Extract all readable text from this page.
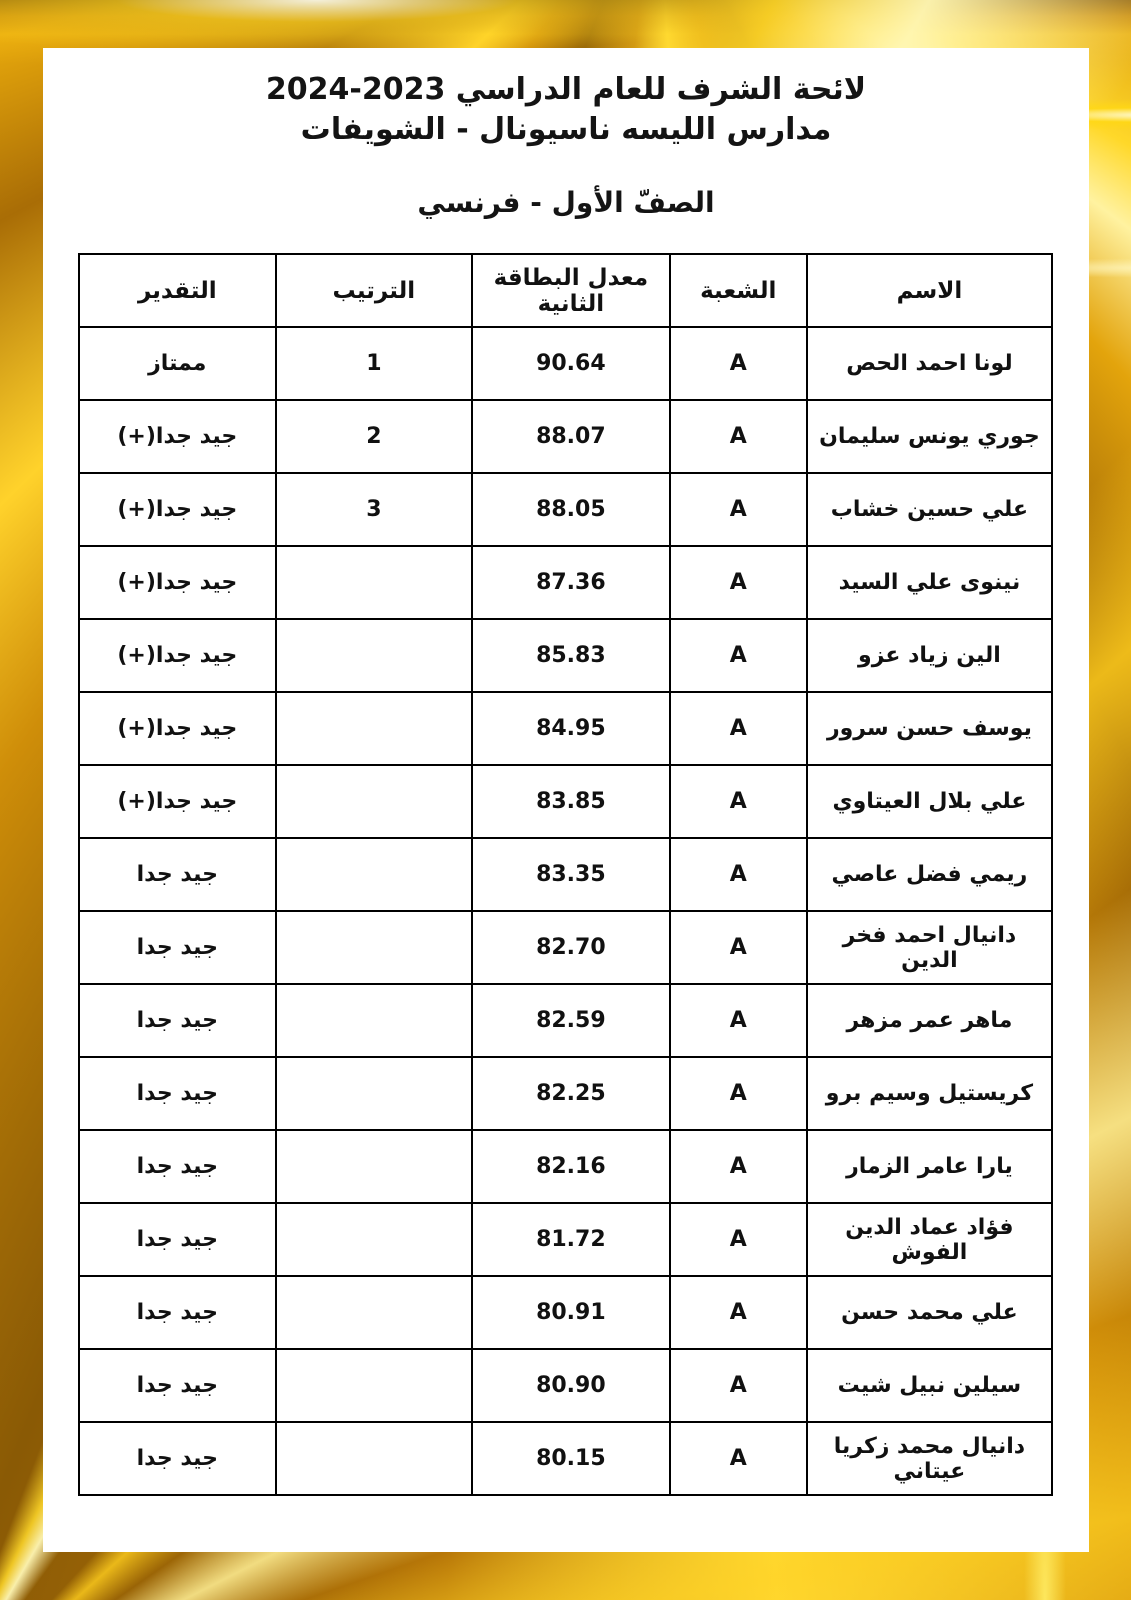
لائحة الشرف للعام الدراسي 2023-2024
مدارس الليسه ناسيونال - الشويفات
الصفّ الأول - فرنسي
الاسم	الشعبة	معدل البطاقة الثانية	الترتيب	التقدير
لونا احمد الحص	A	90.64	1	ممتاز
جوري يونس سليمان	A	88.07	2	جيد جدا(+)
علي حسين خشاب	A	88.05	3	جيد جدا(+)
نينوى علي السيد	A	87.36		جيد جدا(+)
الين زياد عزو	A	85.83		جيد جدا(+)
يوسف حسن سرور	A	84.95		جيد جدا(+)
علي بلال العيتاوي	A	83.85		جيد جدا(+)
ريمي فضل عاصي	A	83.35		جيد جدا
دانيال احمد فخر الدين	A	82.70		جيد جدا
ماهر عمر مزهر	A	82.59		جيد جدا
كريستيل وسيم برو	A	82.25		جيد جدا
يارا عامر الزمار	A	82.16		جيد جدا
فؤاد عماد الدين الفوش	A	81.72		جيد جدا
علي محمد حسن	A	80.91		جيد جدا
سيلين نبيل شيت	A	80.90		جيد جدا
دانيال محمد زكريا عيتاني	A	80.15		جيد جدا
